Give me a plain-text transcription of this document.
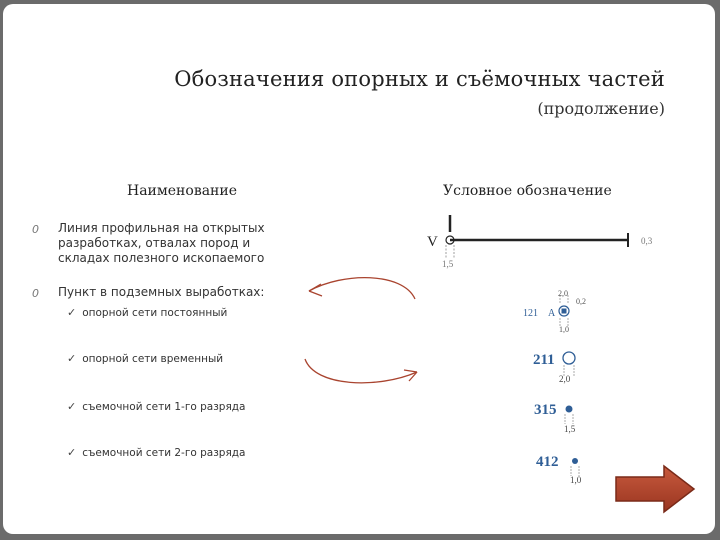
Обозначения опорных и съёмочных частей
(продолжение)
Наименование	Условное обозначение
0 Линия профильная на открытых разработках, отвалах пород и складах полезного ископаемого
0 Пункт в подземных выработках:
✓ опорной сети постоянный
✓ опорной сети временный
✓ съемочной сети 1-го разряда
✓ съемочной сети 2-го разряда
V	0,3
1,5
121 A
2,0
0,2
1,0
211
2,0
315
1,5
412
1,0
